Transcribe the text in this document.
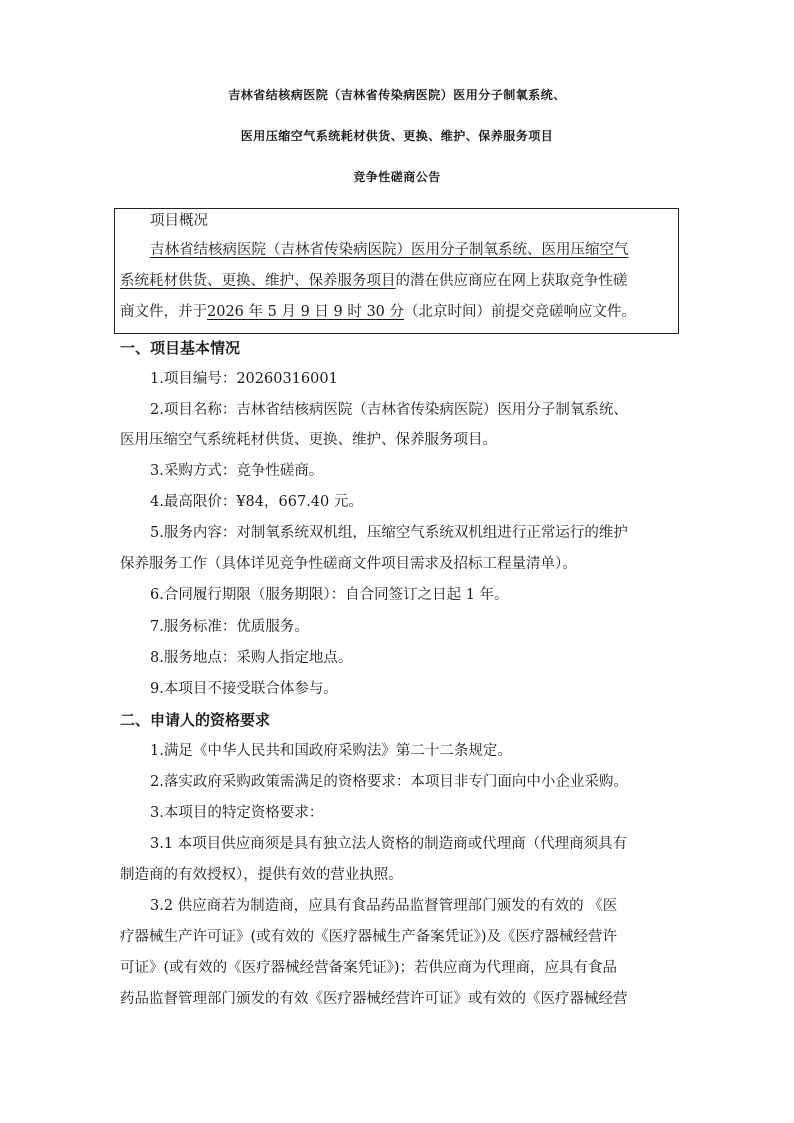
吉林省结核病医院（吉林省传染病医院）医用分子制氧系统、
医用压缩空气系统耗材供货、更换、维护、保养服务项目
竞争性磋商公告
项目概况
吉林省结核病医院（吉林省传染病医院）医用分子制氧系统、医用压缩空气
系统耗材供货、更换、维护、保养服务项目的潜在供应商应在网上获取竞争性磋
商文件，并于2026 年 5 月 9 日 9 时 30 分（北京时间）前提交竞磋响应文件。
一、项目基本情况
1.项目编号：20260316001
2.项目名称：吉林省结核病医院（吉林省传染病医院）医用分子制氧系统、
医用压缩空气系统耗材供货、更换、维护、保养服务项目。
3.采购方式：竞争性磋商。
4.最高限价：¥84，667.40 元。
5.服务内容：对制氧系统双机组，压缩空气系统双机组进行正常运行的维护
保养服务工作（具体详见竞争性磋商文件项目需求及招标工程量清单）。
6.合同履行期限（服务期限）：自合同签订之日起 1 年。
7.服务标准：优质服务。
8.服务地点：采购人指定地点。
9.本项目不接受联合体参与。
二、申请人的资格要求
1.满足《中华人民共和国政府采购法》第二十二条规定。
2.落实政府采购政策需满足的资格要求：本项目非专门面向中小企业采购。
3.本项目的特定资格要求：
3.1 本项目供应商须是具有独立法人资格的制造商或代理商（代理商须具有
制造商的有效授权），提供有效的营业执照。
3.2 供应商若为制造商，应具有食品药品监督管理部门颁发的有效的 《医
疗器械生产许可证》(或有效的《医疗器械生产备案凭证》)及《医疗器械经营许
可证》(或有效的《医疗器械经营备案凭证》)；若供应商为代理商，应具有食品
药品监督管理部门颁发的有效《医疗器械经营许可证》或有效的《医疗器械经营
